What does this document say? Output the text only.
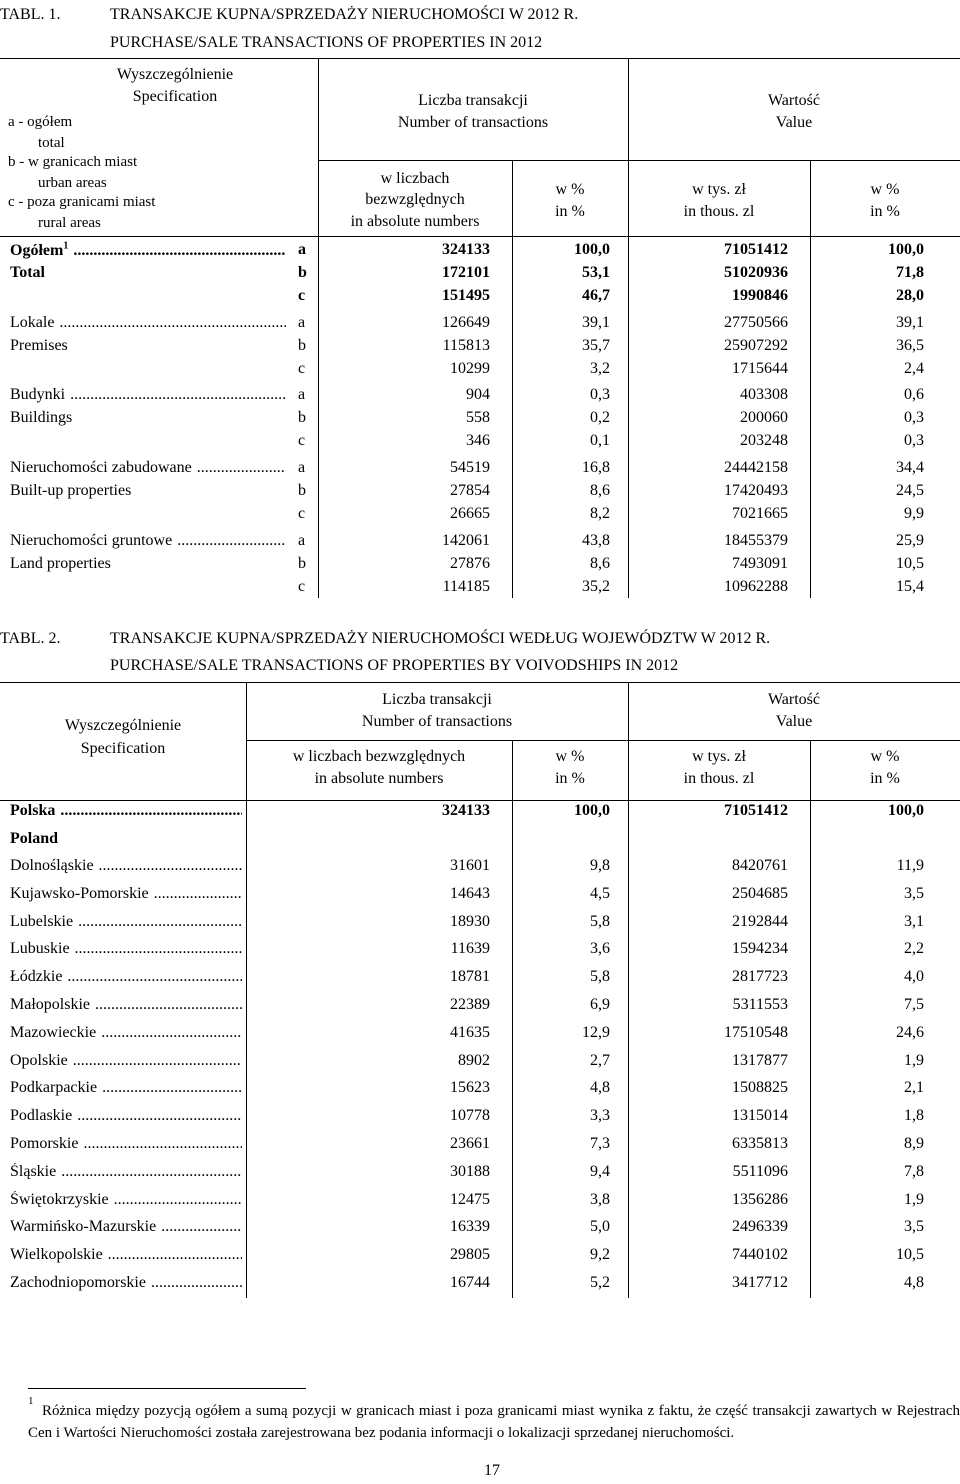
TABL. 1.	TRANSAKCJE KUPNA/SPRZEDAŻY NIERUCHOMOŚCI W 2012 R.
PURCHASE/SALE TRANSACTIONS OF PROPERTIES IN 2012
Wyszczególnienie
Specification
a - ogółem
total
b - w granicach miast
urban areas
c - poza granicami miast
rural areas
Liczba transakcji
Number of transactions
Wartość
Value
w liczbach
bezwzględnych
in absolute numbers
w %
in %
w tys. zł
in thous. zl
w %
in %
Ogółem$^1$ .....
Total
a	324133	100,0	71051412	100,0
b	172101	53,1	51020936	71,8
c	151495	46,7	1990846	28,0
Lokale .....
Premises
a	126649	39,1	27750566	39,1
b	115813	35,7	25907292	36,5
c	10299	3,2	1715644	2,4
Budynki .....
Buildings
a	904	0,3	403308	0,6
b	558	0,2	200060	0,3
c	346	0,1	203248	0,3
Nieruchomości zabudowane .....
Built-up properties
a	54519	16,8	24442158	34,4
b	27854	8,6	17420493	24,5
c	26665	8,2	7021665	9,9
Nieruchomości gruntowe .....
Land properties
a	142061	43,8	18455379	25,9
b	27876	8,6	7493091	10,5
c	114185	35,2	10962288	15,4
TABL. 2.	TRANSAKCJE KUPNA/SPRZEDAŻY NIERUCHOMOŚCI WEDŁUG WOJEWÓDZTW W 2012 R.
PURCHASE/SALE TRANSACTIONS OF PROPERTIES BY VOIVODSHIPS IN 2012
Wyszczególnienie
Specification
Liczba transakcji
Number of transactions
Wartość
Value
w liczbach bezwzględnych
in absolute numbers
w %
in %
w tys. zł
in thous. zl
w %
in %
Polska .....	324133	100,0	71051412	100,0
Poland
Dolnośląskie .....	31601	9,8	8420761	11,9
Kujawsko-Pomorskie .....	14643	4,5	2504685	3,5
Lubelskie .....	18930	5,8	2192844	3,1
Lubuskie .....	11639	3,6	1594234	2,2
Łódzkie .....	18781	5,8	2817723	4,0
Małopolskie .....	22389	6,9	5311553	7,5
Mazowieckie .....	41635	12,9	17510548	24,6
Opolskie .....	8902	2,7	1317877	1,9
Podkarpackie .....	15623	4,8	1508825	2,1
Podlaskie .....	10778	3,3	1315014	1,8
Pomorskie .....	23661	7,3	6335813	8,9
Śląskie .....	30188	9,4	5511096	7,8
Świętokrzyskie .....	12475	3,8	1356286	1,9
Warmińsko-Mazurskie .....	16339	5,0	2496339	3,5
Wielkopolskie .....	29805	9,2	7440102	10,5
Zachodniopomorskie .....	16744	5,2	3417712	4,8
1
Różnica między pozycją ogółem a sumą pozycji w granicach miast i poza granicami miast wynika z faktu, że część transakcji zawartych w Rejestrach Cen i Wartości Nieruchomości została zarejestrowana bez podania informacji o lokalizacji sprzedanej nieruchomości.
17
